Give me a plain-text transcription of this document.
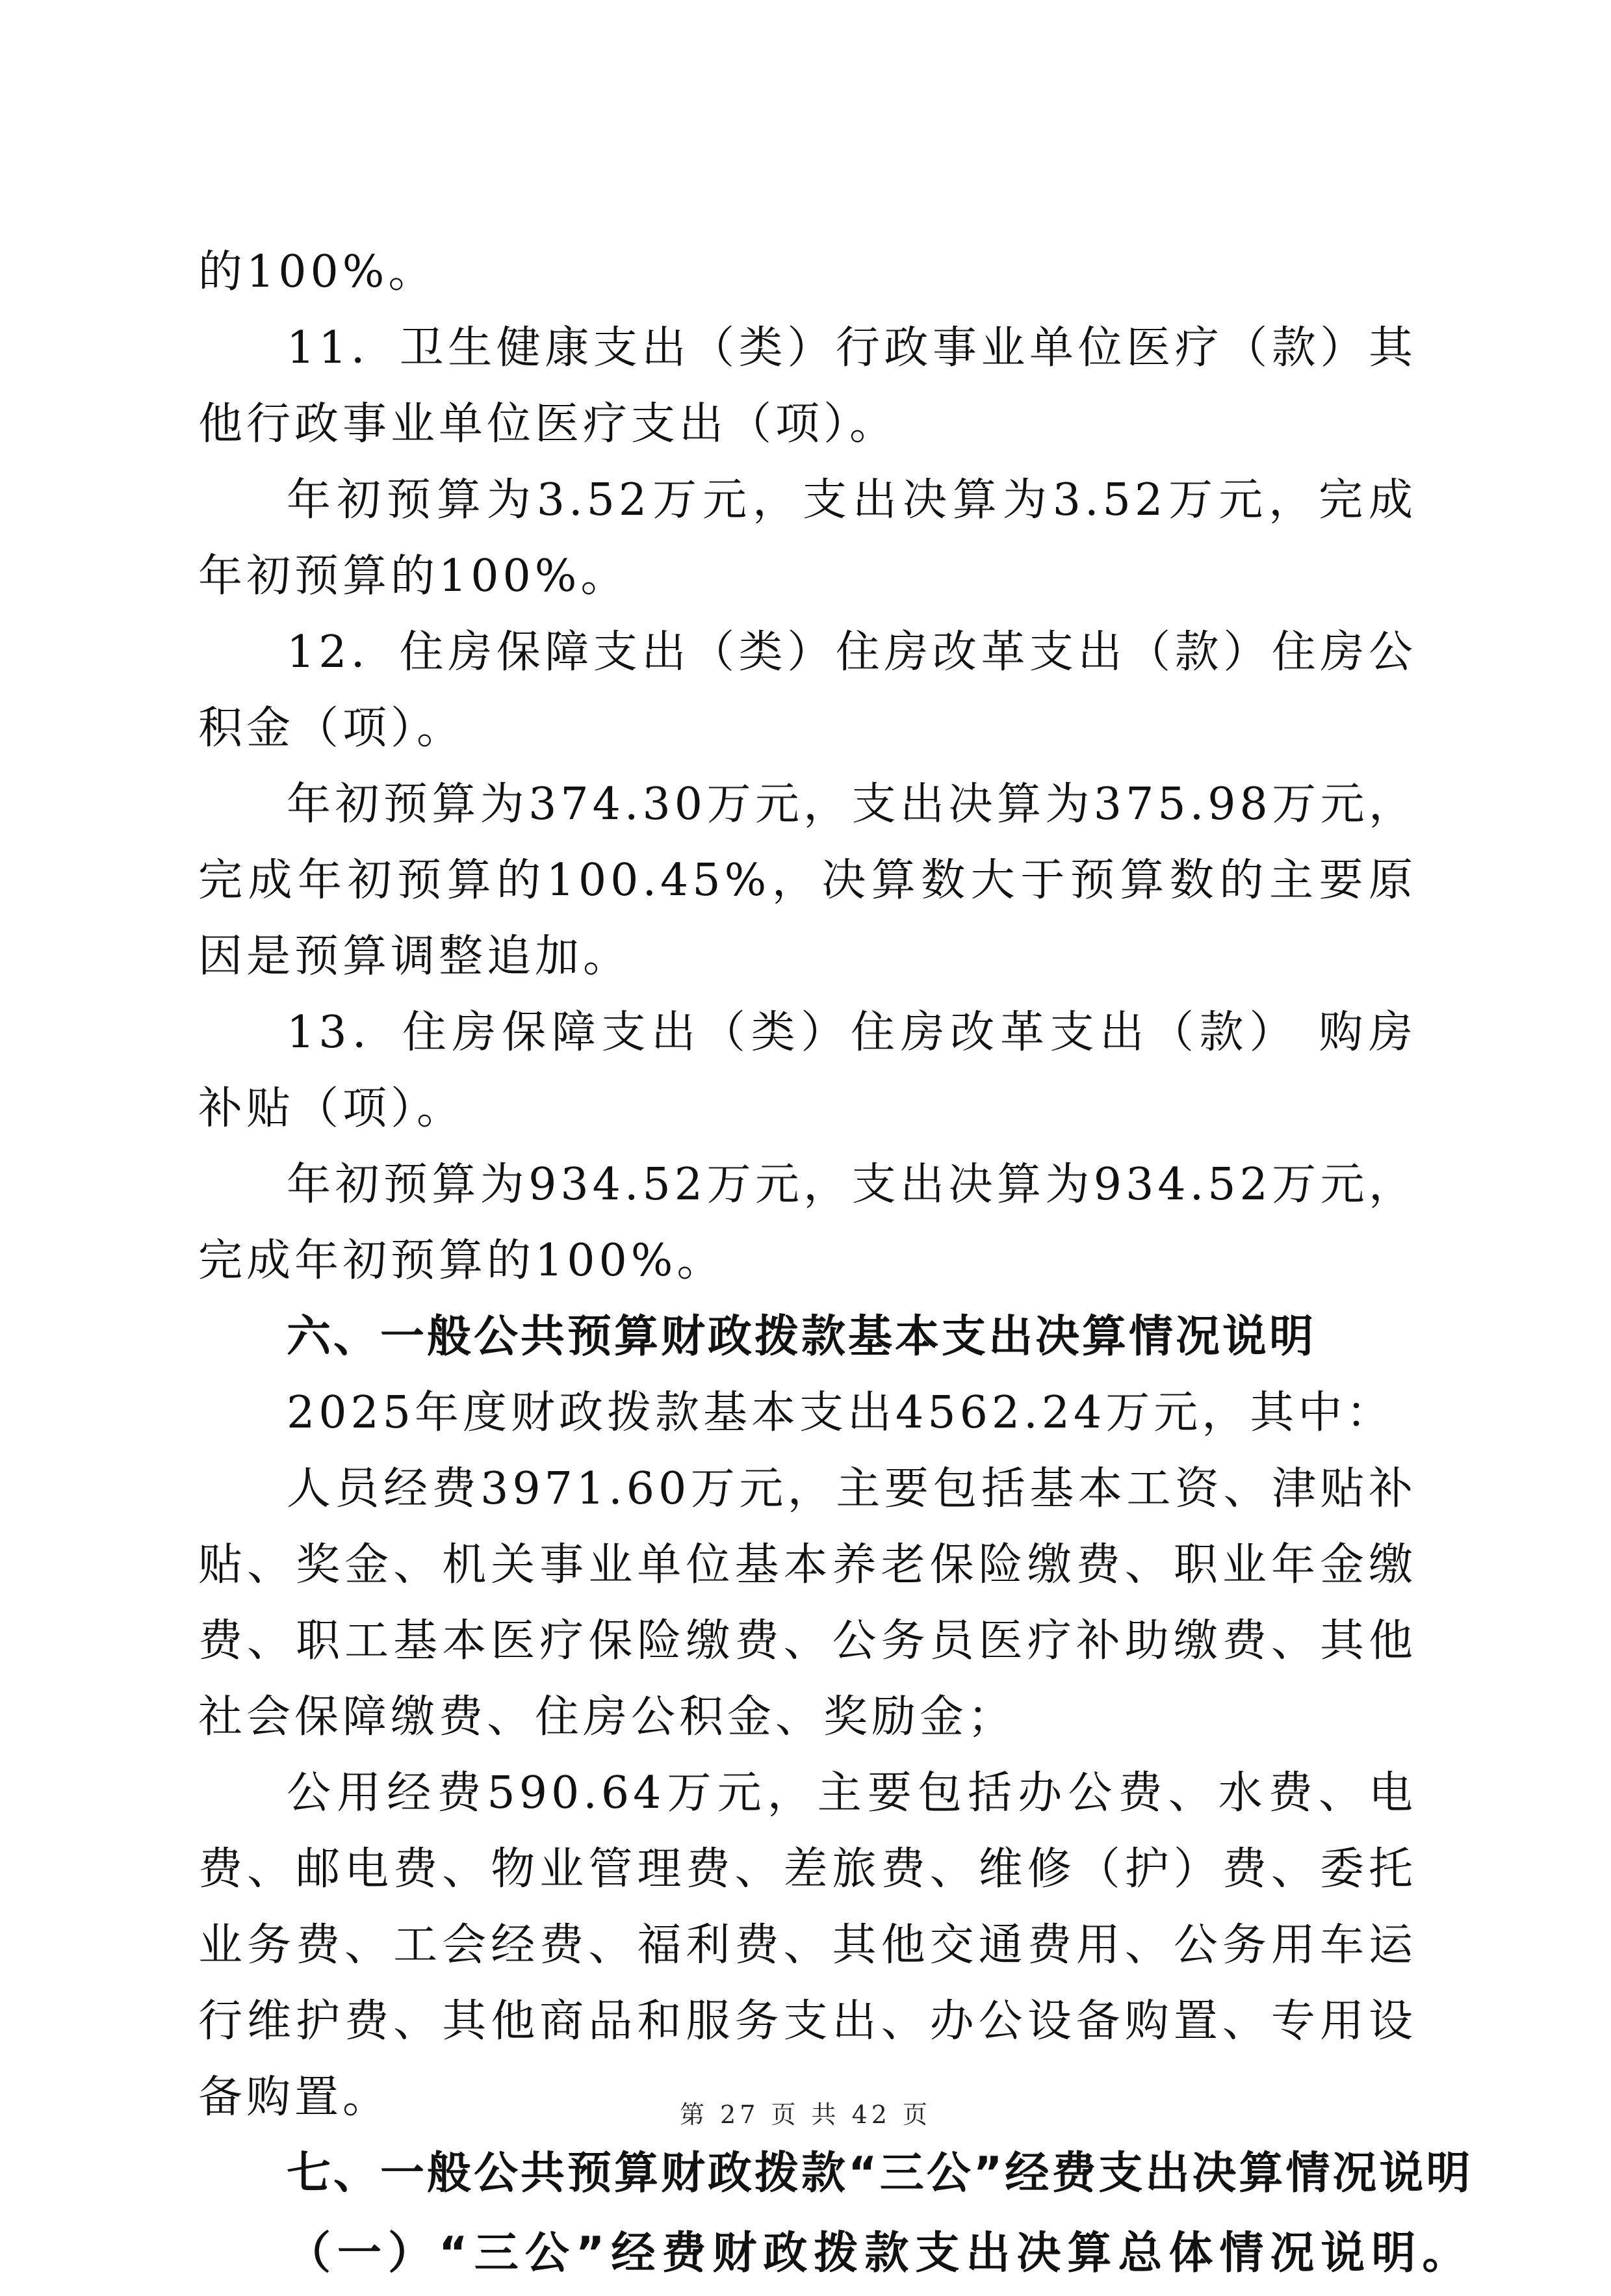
的100%。

11．卫生健康支出（类）行政事业单位医疗（款）其他行政事业单位医疗支出（项）。

年初预算为3.52万元，支出决算为3.52万元，完成年初预算的100%。

12．住房保障支出（类）住房改革支出（款）住房公积金（项）。

年初预算为374.30万元，支出决算为375.98万元，完成年初预算的100.45%，决算数大于预算数的主要原因是预算调整追加。

13．住房保障支出（类）住房改革支出（款） 购房补贴（项）。

年初预算为934.52万元，支出决算为934.52万元，完成年初预算的100%。

六、一般公共预算财政拨款基本支出决算情况说明

2025年度财政拨款基本支出4562.24万元，其中：

人员经费3971.60万元，主要包括基本工资、津贴补贴、奖金、机关事业单位基本养老保险缴费、职业年金缴费、职工基本医疗保险缴费、公务员医疗补助缴费、其他社会保障缴费、住房公积金、奖励金；

公用经费590.64万元，主要包括办公费、水费、电费、邮电费、物业管理费、差旅费、维修（护）费、委托业务费、工会经费、福利费、其他交通费用、公务用车运行维护费、其他商品和服务支出、办公设备购置、专用设备购置。

七、一般公共预算财政拨款“三公”经费支出决算情况说明

（一）“三公”经费财政拨款支出决算总体情况说明。

第 27 页 共 42 页
